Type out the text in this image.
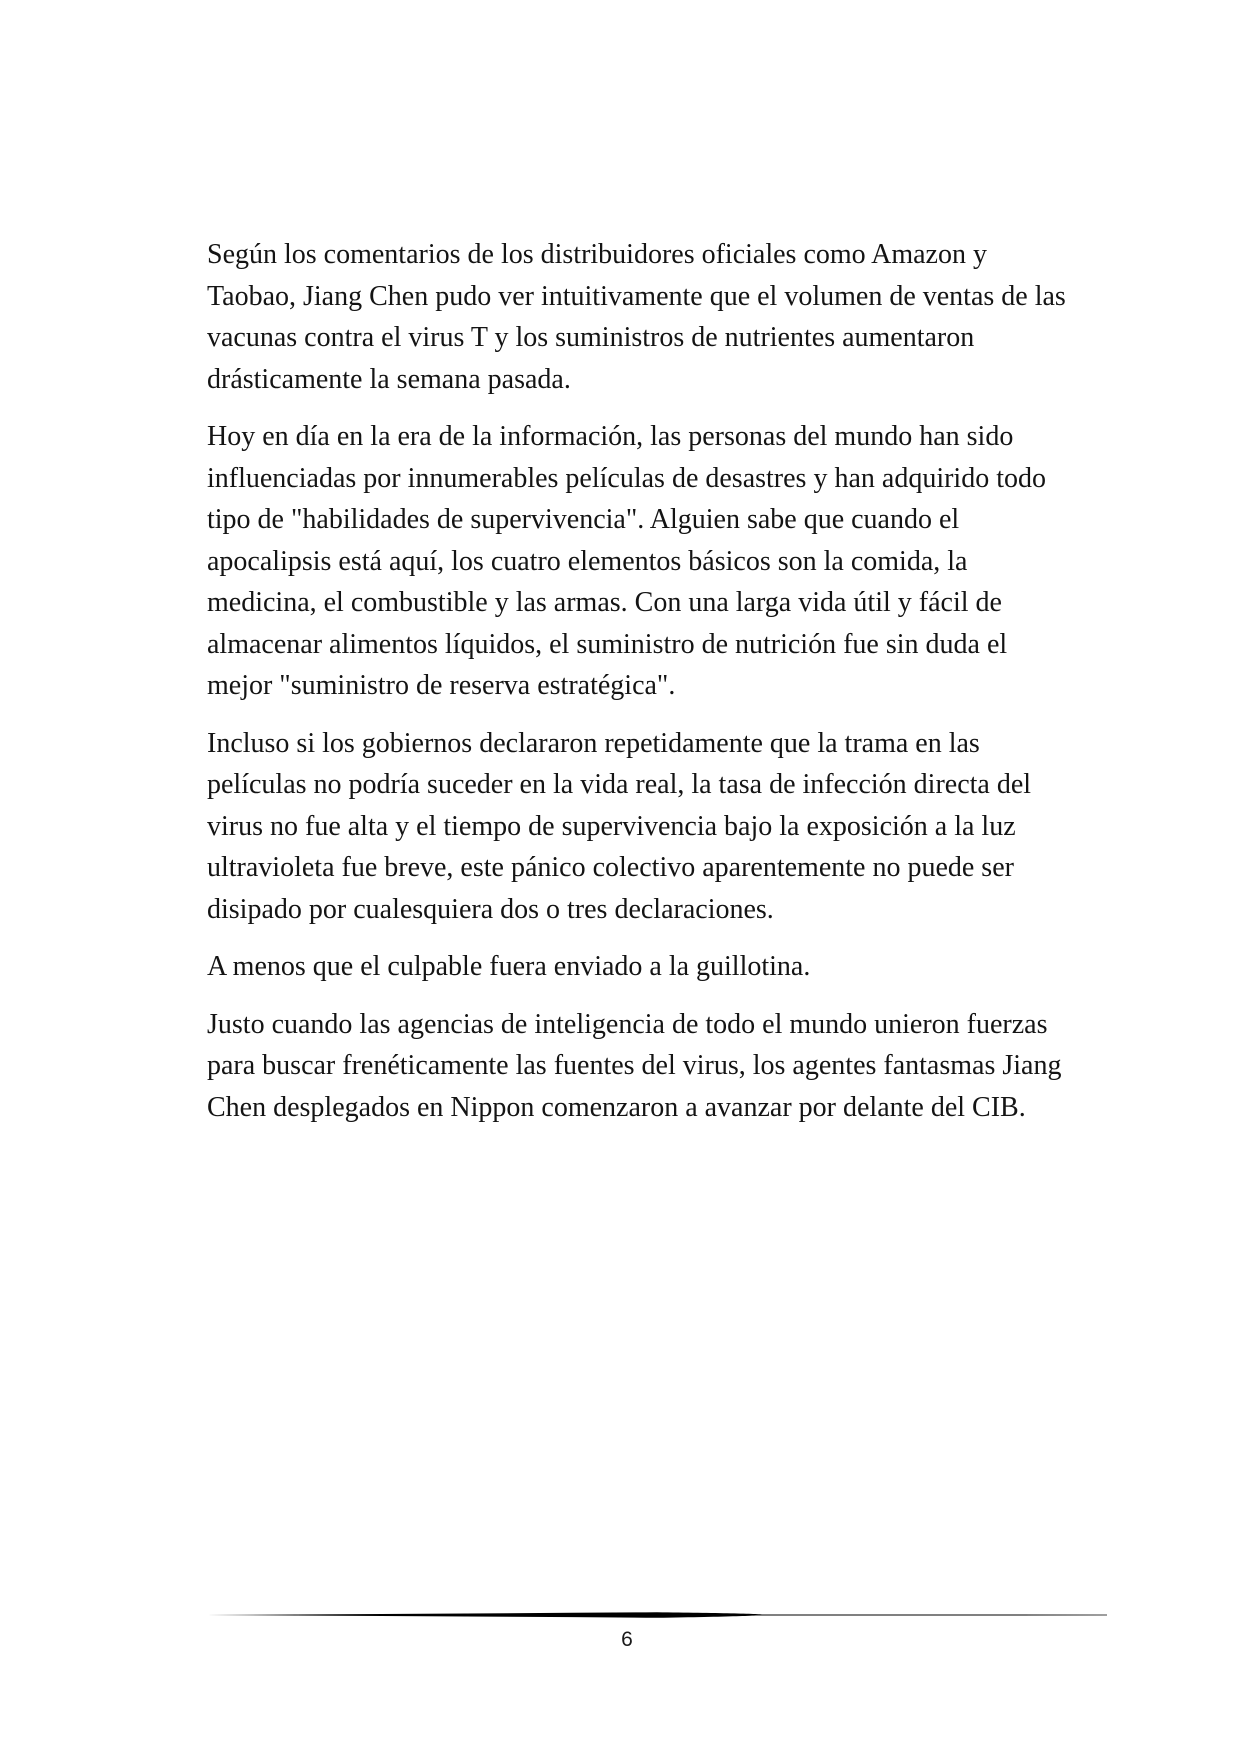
Según los comentarios de los distribuidores oficiales como Amazon y Taobao, Jiang Chen pudo ver intuitivamente que el volumen de ventas de las vacunas contra el virus T y los suministros de nutrientes aumentaron drásticamente la semana pasada.

Hoy en día en la era de la información, las personas del mundo han sido influenciadas por innumerables películas de desastres y han adquirido todo tipo de "habilidades de supervivencia". Alguien sabe que cuando el apocalipsis está aquí, los cuatro elementos básicos son la comida, la medicina, el combustible y las armas. Con una larga vida útil y fácil de almacenar alimentos líquidos, el suministro de nutrición fue sin duda el mejor "suministro de reserva estratégica".

Incluso si los gobiernos declararon repetidamente que la trama en las películas no podría suceder en la vida real, la tasa de infección directa del virus no fue alta y el tiempo de supervivencia bajo la exposición a la luz ultravioleta fue breve, este pánico colectivo aparentemente no puede ser disipado por cualesquiera dos o tres declaraciones.

A menos que el culpable fuera enviado a la guillotina.

Justo cuando las agencias de inteligencia de todo el mundo unieron fuerzas para buscar frenéticamente las fuentes del virus, los agentes fantasmas Jiang Chen desplegados en Nippon comenzaron a avanzar por delante del CIB.

6
